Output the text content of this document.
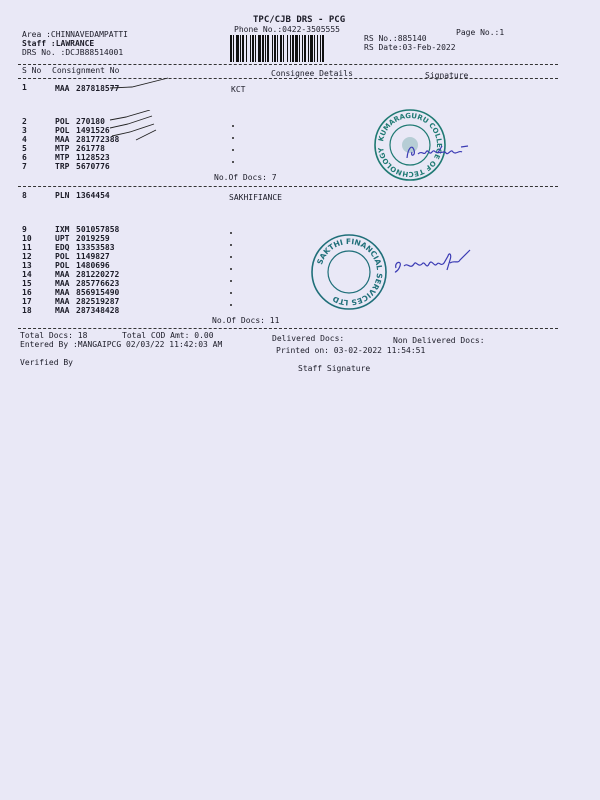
TPC/CJB DRS - PCG
Phone No.:0422-3505555	Page No.:1
Area :CHINNAVEDAMPATTI
Staff :LAWRANCE
DRS No. :DCJB88514001
RS No.:885140
RS Date:03-Feb-2022
S No Consignment No	Consignee Details	Signature
1	MAA 287818577	KCT
2	POL 270180
3	POL 1491526
4	MAA 281772388
5	MTP 261778
6	MTP 1128523
7	TRP 5670776
No.Of Docs: 7
KUMARAGURU COLLEGE OF TECHNOLOGY
8	PLN 1364454	SAKHIFIANCE
9	IXM 501057858
10	UPT 2019259
11	EDQ 13353583
12	POL 1149827
13	POL 1480696
14	MAA 281220272
15	MAA 285776623
16	MAA 856915490
17	MAA 282519287
18	MAA 287348428
No.Of Docs: 11
SAKTHI FINANCIAL SERVICES LTD
Total Docs: 18	Total COD Amt: 0.00	Delivered Docs:	Non Delivered Docs:
Entered By :MANGAIPCG 02/03/22 11:42:03 AM
Printed on: 03-02-2022 11:54:51
Verified By
Staff Signature
